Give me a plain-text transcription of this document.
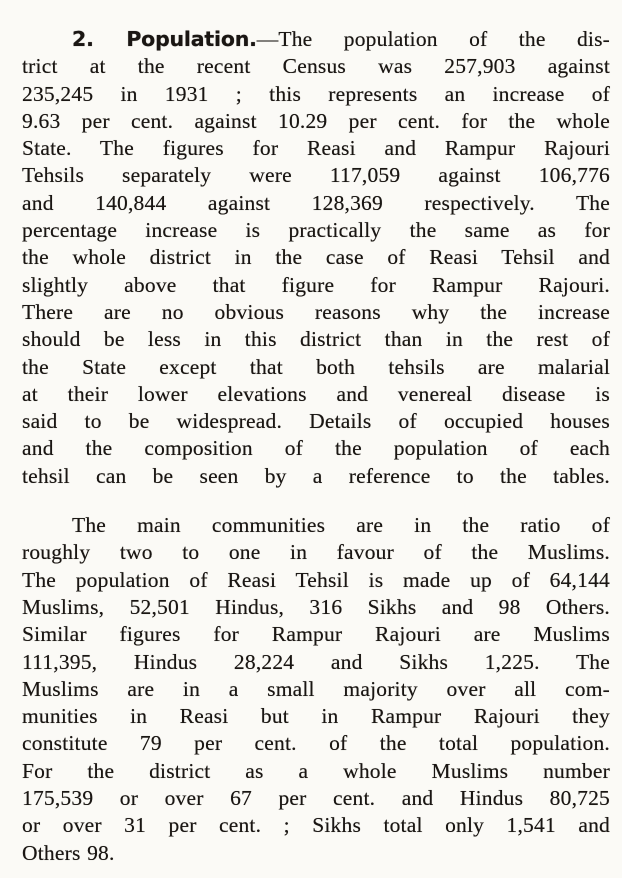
2. Population.—The population of the dis-
trict at the recent Census was 257,903 against
235,245 in 1931 ; this represents an increase of
9.63 per cent. against 10.29 per cent. for the whole
State. The figures for Reasi and Rampur Rajouri
Tehsils separately were 117,059 against 106,776
and 140,844 against 128,369 respectively. The
percentage increase is practically the same as for
the whole district in the case of Reasi Tehsil and
slightly above that figure for Rampur Rajouri.
There are no obvious reasons why the increase
should be less in this district than in the rest of
the State except that both tehsils are malarial
at their lower elevations and venereal disease is
said to be widespread. Details of occupied houses
and the composition of the population of each
tehsil can be seen by a reference to the tables.
The main communities are in the ratio of
roughly two to one in favour of the Muslims.
The population of Reasi Tehsil is made up of 64,144
Muslims, 52,501 Hindus, 316 Sikhs and 98 Others.
Similar figures for Rampur Rajouri are Muslims
111,395, Hindus 28,224 and Sikhs 1,225. The
Muslims are in a small majority over all com-
munities in Reasi but in Rampur Rajouri they
constitute 79 per cent. of the total population.
For the district as a whole Muslims number
175,539 or over 67 per cent. and Hindus 80,725
or over 31 per cent. ; Sikhs total only 1,541 and
Others 98.
